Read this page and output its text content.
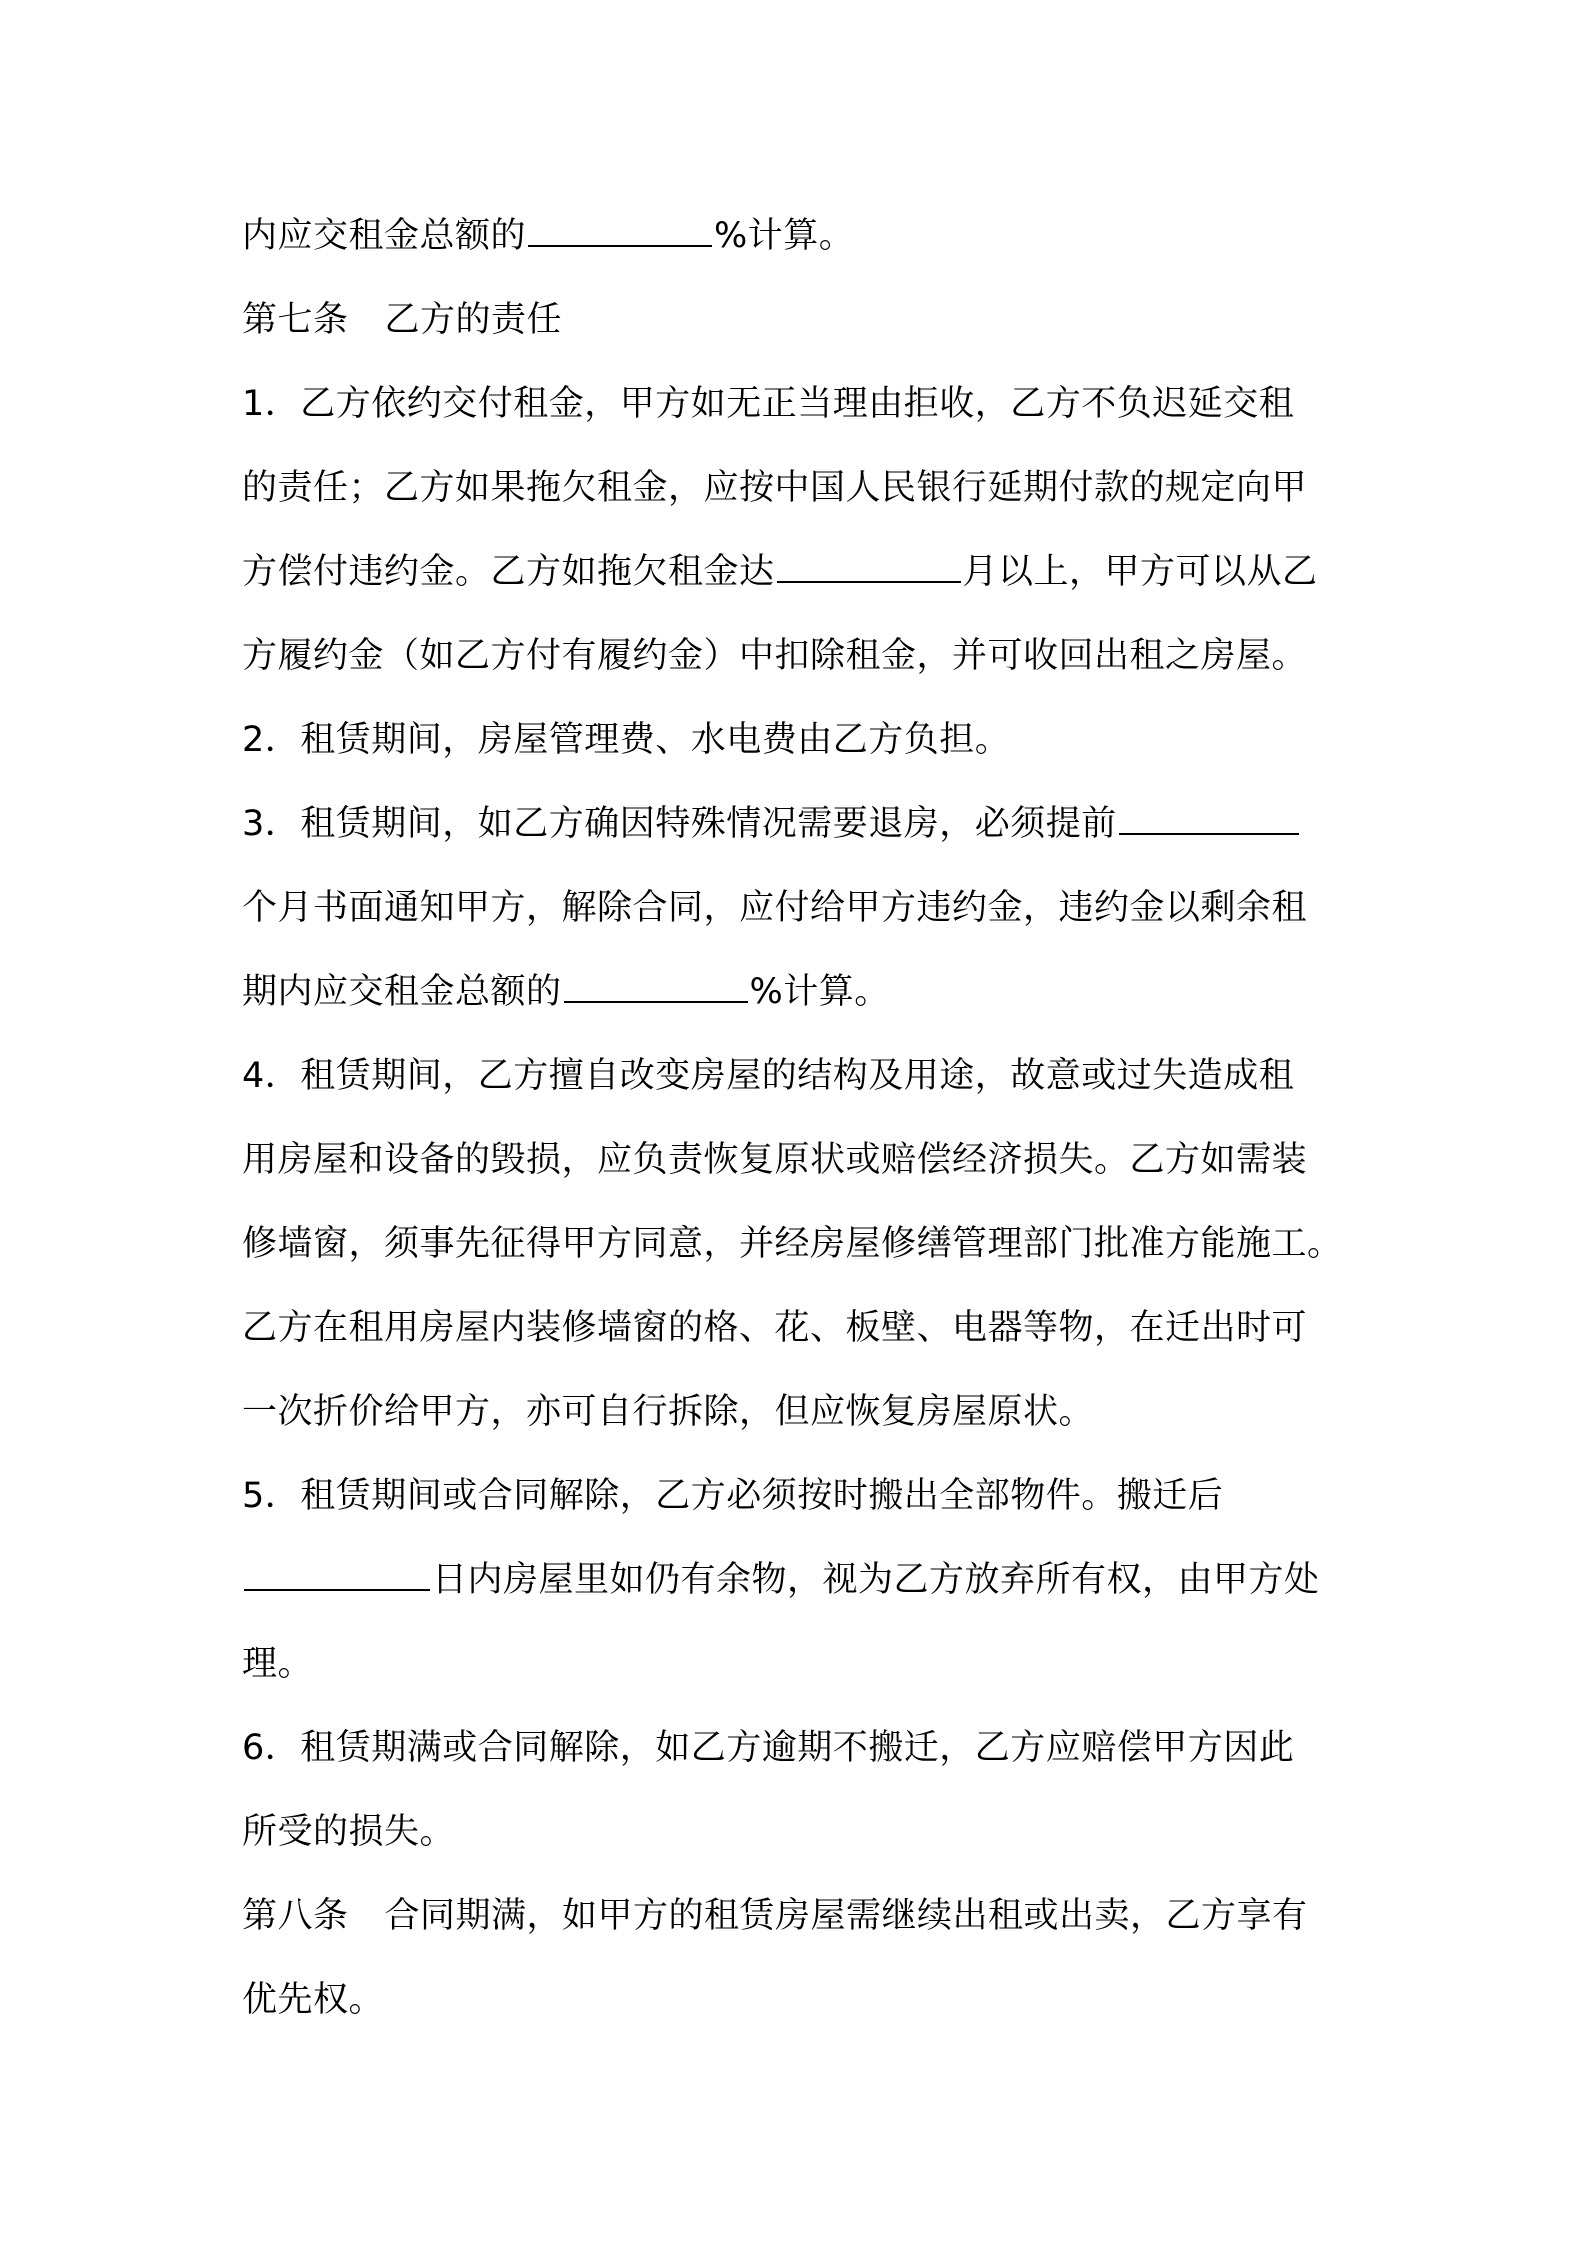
内应交租金总额的	%计算。
第七条 乙方的责任
1．乙方依约交付租金，甲方如无正当理由拒收，乙方不负迟延交租
的责任；乙方如果拖欠租金，应按中国人民银行延期付款的规定向甲
方偿付违约金。乙方如拖欠租金达	月以上，甲方可以从乙
方履约金（如乙方付有履约金）中扣除租金，并可收回出租之房屋。
2．租赁期间，房屋管理费、水电费由乙方负担。
3．租赁期间，如乙方确因特殊情况需要退房，必须提前
个月书面通知甲方，解除合同，应付给甲方违约金，违约金以剩余租
期内应交租金总额的	%计算。
4．租赁期间，乙方擅自改变房屋的结构及用途，故意或过失造成租
用房屋和设备的毁损，应负责恢复原状或赔偿经济损失。乙方如需装
修墙窗，须事先征得甲方同意，并经房屋修缮管理部门批准方能施工。
乙方在租用房屋内装修墙窗的格、花、板壁、电器等物，在迁出时可
一次折价给甲方，亦可自行拆除，但应恢复房屋原状。
5．租赁期间或合同解除，乙方必须按时搬出全部物件。搬迁后
日内房屋里如仍有余物，视为乙方放弃所有权，由甲方处
理。
6．租赁期满或合同解除，如乙方逾期不搬迁，乙方应赔偿甲方因此
所受的损失。
第八条 合同期满，如甲方的租赁房屋需继续出租或出卖，乙方享有
优先权。
